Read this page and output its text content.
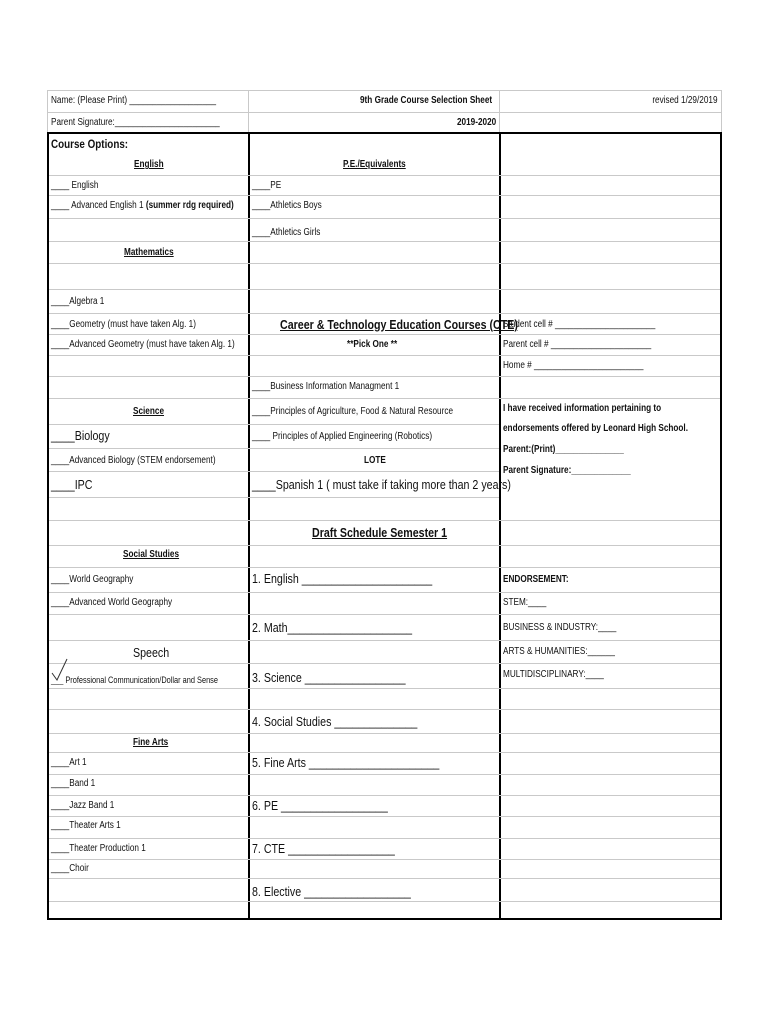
Name: (Please Print) ___________________	9th Grade Course Selection Sheet	revised 1/29/2019
Parent Signature:_______________________	2019-2020
Course Options:
English
____ English
____ Advanced English 1 (summer rdg required)
Mathematics
____Algebra 1
____Geometry (must have taken Alg. 1)
____Advanced Geometry (must have taken Alg. 1)
Science
____Biology
____Advanced Biology (STEM endorsement)
____IPC
Social Studies
____World Geography
____Advanced World Geography
Speech
___ Professional Communication/Dollar and Sense
Fine Arts
____Art 1
____Band 1
____Jazz Band 1
____Theater Arts 1
____Theater Production 1
____Choir
P.E./Equivalents
____PE
____Athletics Boys
____Athletics Girls
Career & Technology Education Courses (CTE)
**Pick One **
____Business Information Managment 1
____Principles of Agriculture, Food & Natural Resource
____ Principles of Applied Engineering (Robotics)
LOTE
____Spanish 1 ( must take if taking more than 2 years)
Draft Schedule Semester 1
1. English ______________________
2. Math_____________________
3. Science _________________
4. Social Studies ______________
5. Fine Arts ______________________
6. PE __________________
7. CTE __________________
8. Elective __________________
Student cell # ______________________
Parent cell # ______________________
Home # ________________________
I have received information pertaining to
endorsements offered by Leonard High School.
Parent:(Print)_______________
Parent Signature:_____________
ENDORSEMENT:
STEM:____
BUSINESS & INDUSTRY:____
ARTS & HUMANITIES:______
MULTIDISCIPLINARY:____
